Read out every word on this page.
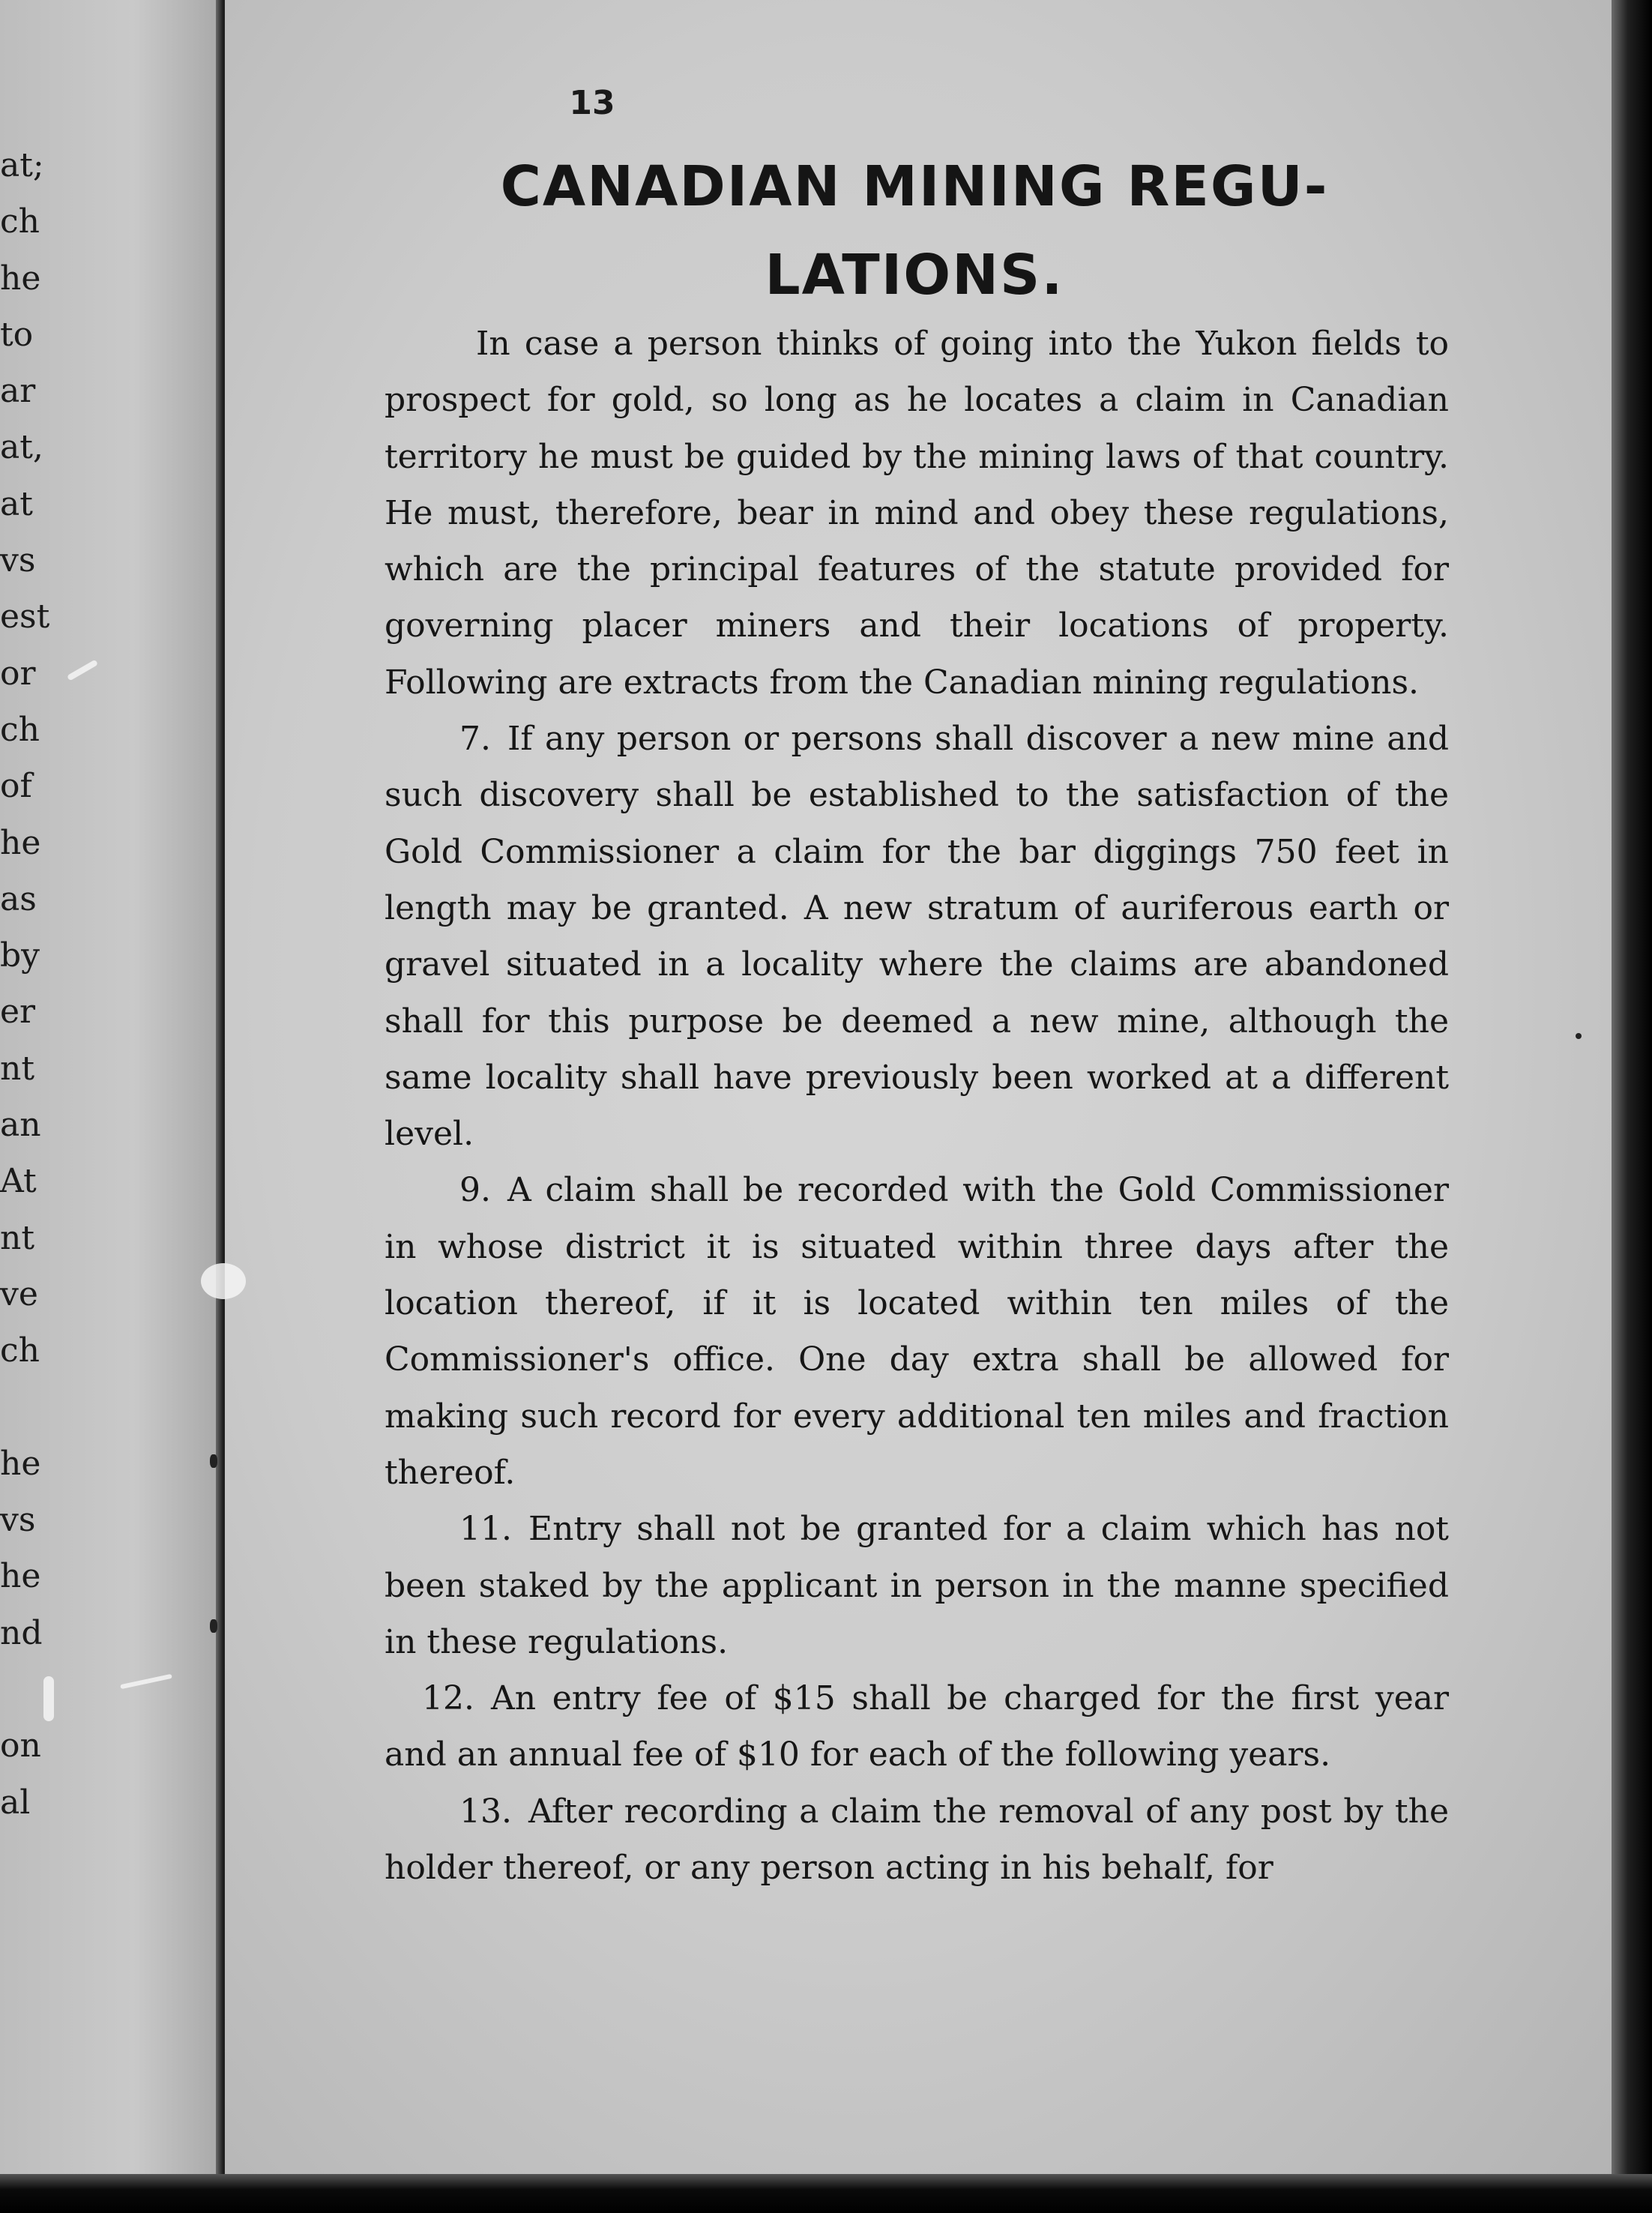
at;
ch
he
to
ar
at,
at
vs
est
or
ch
of
he
as
by
er
nt
an
At
nt
ve
ch
he
vs
he
nd
on
al
13
CANADIAN MINING REGU-
LATIONS.

In case a person thinks of going into the Yukon fields to prospect for gold, so long as he locates a claim in Canadian territory he must be guided by the mining laws of that country. He must, therefore, bear in mind and obey these regulations, which are the principal features of the statute provided for governing placer miners and their locations of property. Following are extracts from the Canadian mining regulations.

7. If any person or persons shall discover a new mine and such discovery shall be established to the satisfaction of the Gold Commissioner a claim for the bar diggings 750 feet in length may be granted. A new stratum of auriferous earth or gravel situated in a locality where the claims are abandoned shall for this purpose be deemed a new mine, although the same locality shall have previously been worked at a different level.

9. A claim shall be recorded with the Gold Commissioner in whose district it is situated within three days after the location thereof, if it is located within ten miles of the Commissioner's office. One day extra shall be allowed for making such record for every additional ten miles and fraction thereof.

11. Entry shall not be granted for a claim which has not been staked by the applicant in person in the manne specified in these regulations.

12. An entry fee of $15 shall be charged for the first year and an annual fee of $10 for each of the following years.

13. After recording a claim the removal of any post by the holder thereof, or any person acting in his behalf, for
